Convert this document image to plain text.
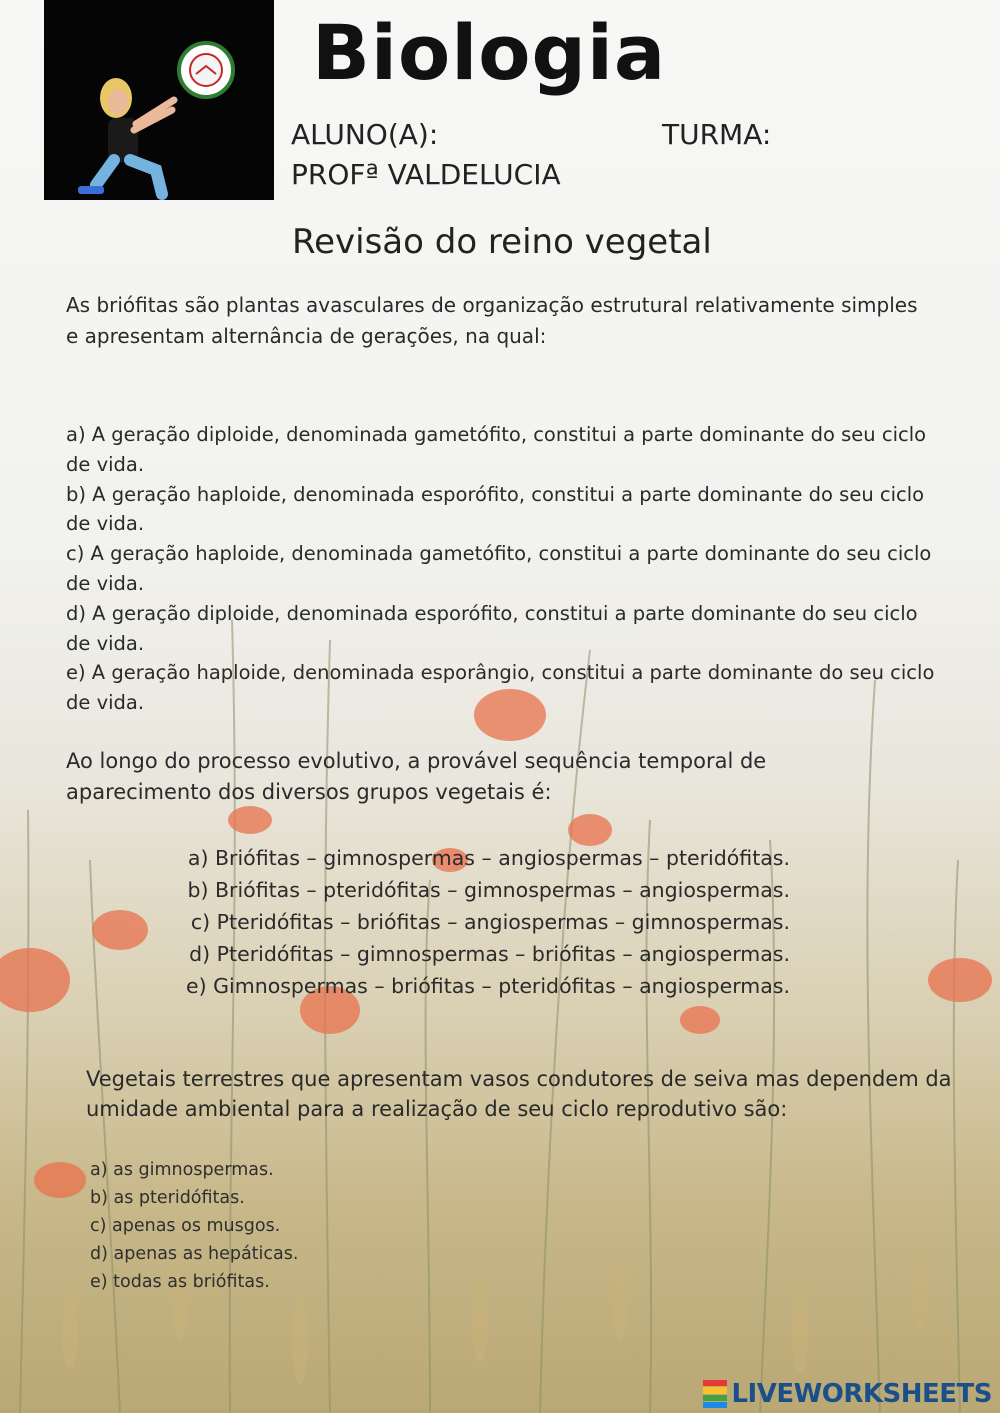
Biologia
ALUNO(A):	TURMA:
PROFª VALDELUCIA
Revisão do reino vegetal
As briófitas são plantas avasculares de organização estrutural relativamente simples e apresentam alternância de gerações, na qual:
a) A geração diploide, denominada gametófito, constitui a parte dominante do seu ciclo de vida.
b) A geração haploide, denominada esporófito, constitui a parte dominante do seu ciclo de vida.
c) A geração haploide, denominada gametófito, constitui a parte dominante do seu ciclo de vida.
d) A geração diploide, denominada esporófito, constitui a parte dominante do seu ciclo de vida.
e) A geração haploide, denominada esporângio, constitui a parte dominante do seu ciclo de vida.
Ao longo do processo evolutivo, a provável sequência temporal de aparecimento dos diversos grupos vegetais é:
a) Briófitas – gimnospermas – angiospermas – pteridófitas.
b) Briófitas – pteridófitas – gimnospermas – angiospermas.
c) Pteridófitas – briófitas – angiospermas – gimnospermas.
d) Pteridófitas – gimnospermas – briófitas – angiospermas.
e) Gimnospermas – briófitas – pteridófitas – angiospermas.
Vegetais terrestres que apresentam vasos condutores de seiva mas dependem da umidade ambiental para a realização de seu ciclo reprodutivo são:
a) as gimnospermas.
b) as pteridófitas.
c) apenas os musgos.
d) apenas as hepáticas.
e) todas as briófitas.
LIVEWORKSHEETS
